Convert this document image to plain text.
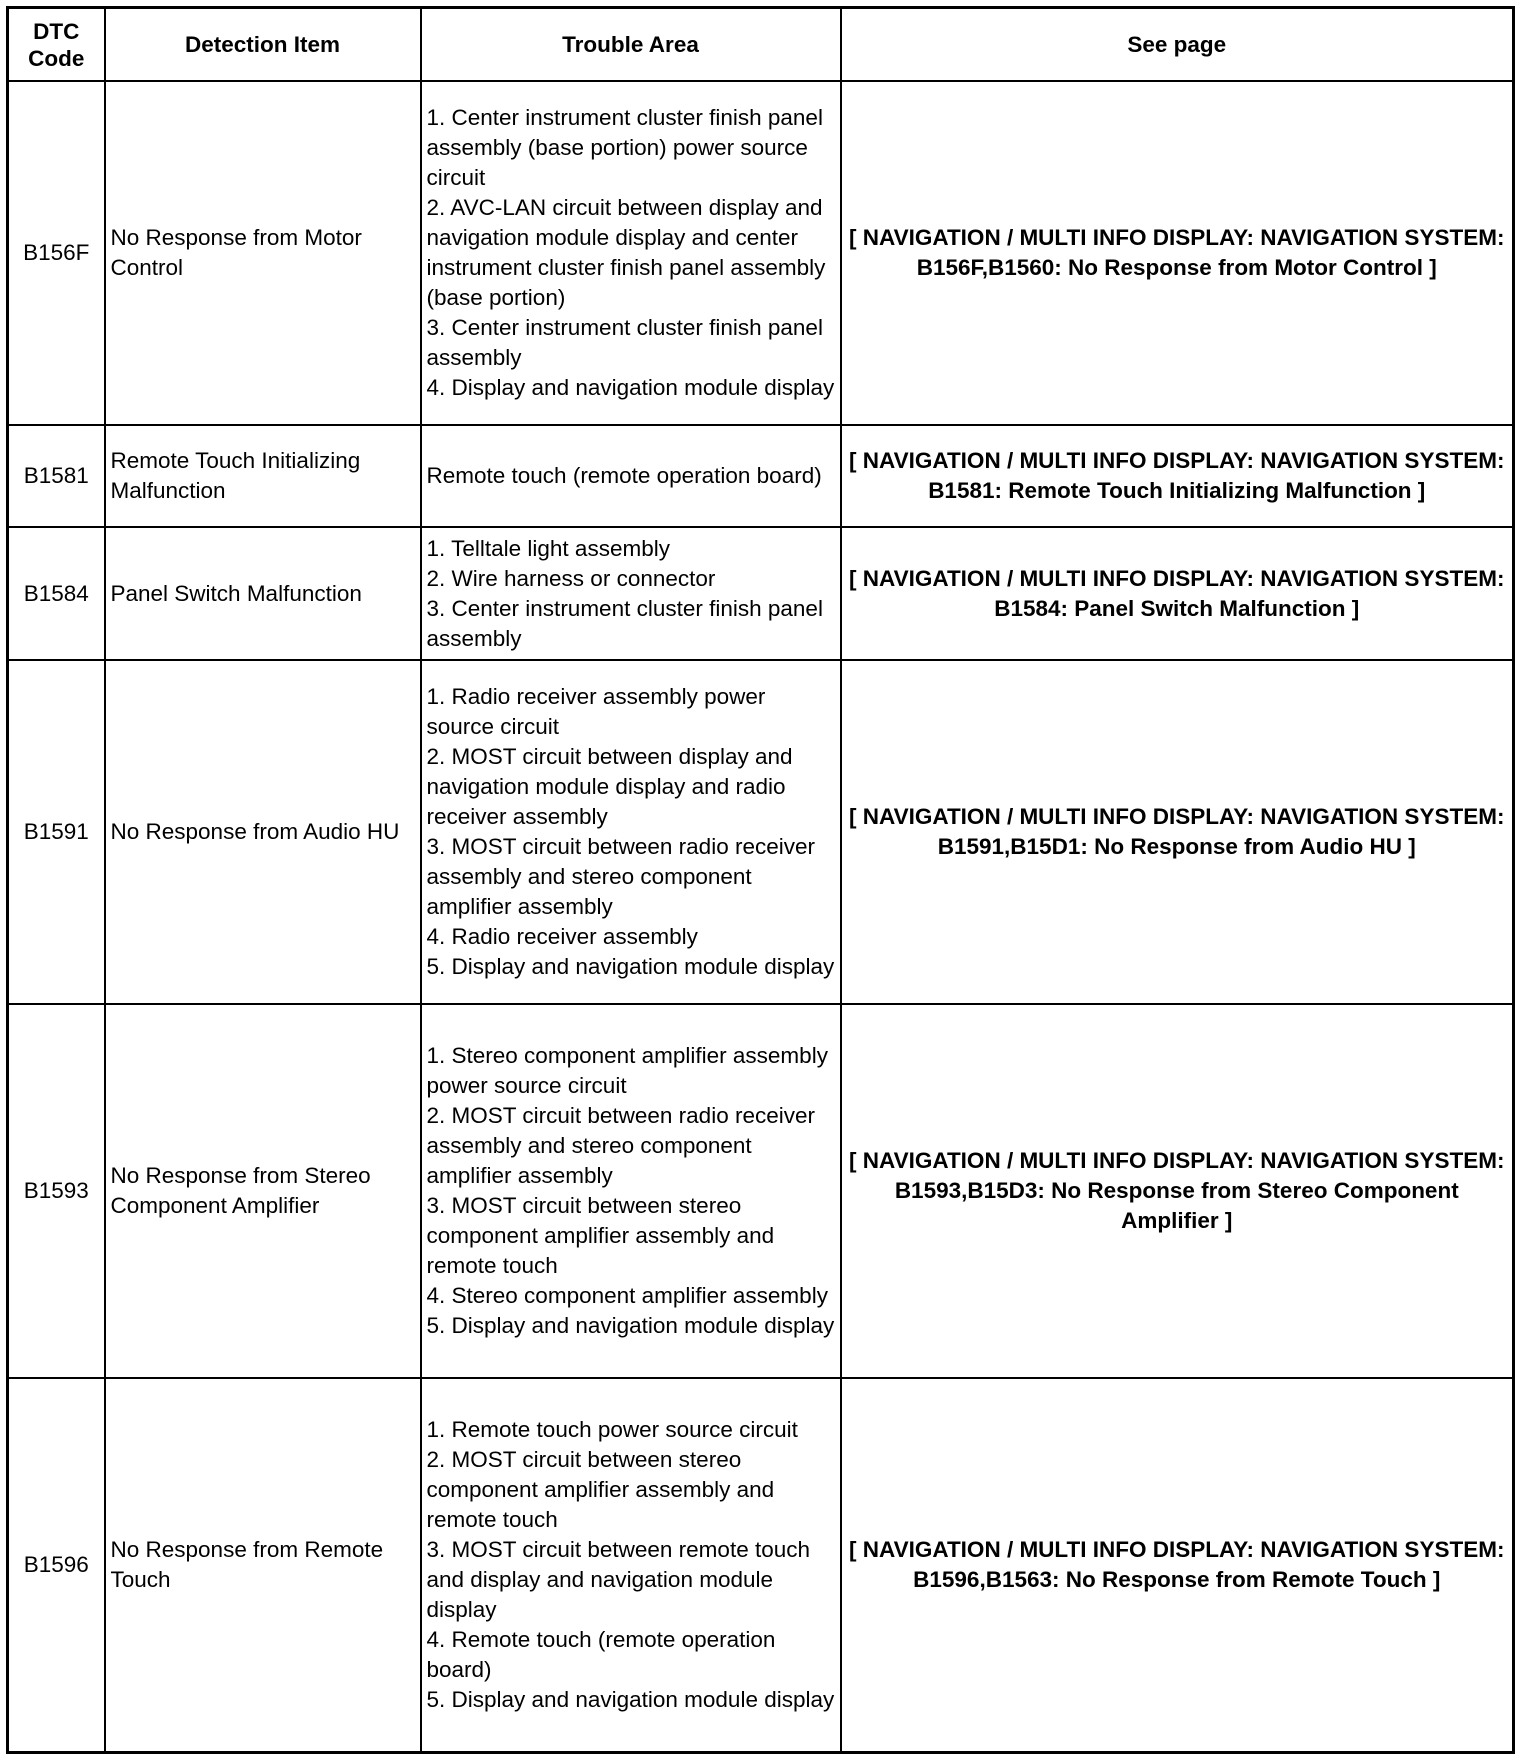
DTC Code	Detection Item	Trouble Area	See page
B156F	No Response from Motor Control	1. Center instrument cluster finish panel assembly (base portion) power source circuit
2. AVC-LAN circuit between display and navigation module display and center instrument cluster finish panel assembly (base portion)
3. Center instrument cluster finish panel assembly
4. Display and navigation module display	[ NAVIGATION / MULTI INFO DISPLAY: NAVIGATION SYSTEM: B156F,B1560: No Response from Motor Control ]
B1581	Remote Touch Initializing Malfunction	Remote touch (remote operation board)	[ NAVIGATION / MULTI INFO DISPLAY: NAVIGATION SYSTEM: B1581: Remote Touch Initializing Malfunction ]
B1584	Panel Switch Malfunction	1. Telltale light assembly
2. Wire harness or connector
3. Center instrument cluster finish panel assembly	[ NAVIGATION / MULTI INFO DISPLAY: NAVIGATION SYSTEM: B1584: Panel Switch Malfunction ]
B1591	No Response from Audio HU	1. Radio receiver assembly power source circuit
2. MOST circuit between display and navigation module display and radio receiver assembly
3. MOST circuit between radio receiver assembly and stereo component amplifier assembly
4. Radio receiver assembly
5. Display and navigation module display	[ NAVIGATION / MULTI INFO DISPLAY: NAVIGATION SYSTEM: B1591,B15D1: No Response from Audio HU ]
B1593	No Response from Stereo Component Amplifier	1. Stereo component amplifier assembly power source circuit
2. MOST circuit between radio receiver assembly and stereo component amplifier assembly
3. MOST circuit between stereo component amplifier assembly and remote touch
4. Stereo component amplifier assembly
5. Display and navigation module display	[ NAVIGATION / MULTI INFO DISPLAY: NAVIGATION SYSTEM: B1593,B15D3: No Response from Stereo Component Amplifier ]
B1596	No Response from Remote Touch	1. Remote touch power source circuit
2. MOST circuit between stereo component amplifier assembly and remote touch
3. MOST circuit between remote touch and display and navigation module display
4. Remote touch (remote operation board)
5. Display and navigation module display	[ NAVIGATION / MULTI INFO DISPLAY: NAVIGATION SYSTEM: B1596,B1563: No Response from Remote Touch ]
